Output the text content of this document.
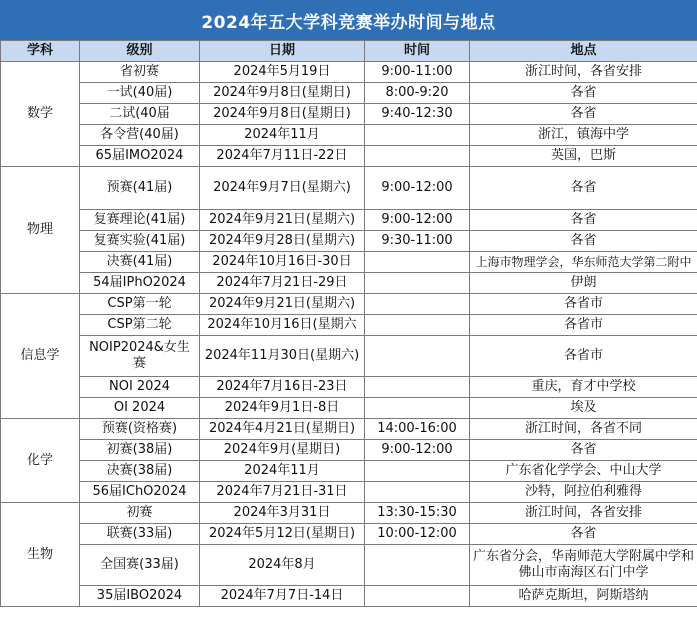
2024年五大学科竞赛举办时间与地点
学科	级别	日期	时间	地点
数学	省初赛	2024年5月19日	9:00-11:00	浙江时间，各省安排
	一试(40届)	2024年9月8日(星期日)	8:00-9:20	各省
	二试(40届	2024年9月8日(星期日)	9:40-12:30	各省
	各令营(40届)	2024年11月		浙江，镇海中学
	65届IMO2024	2024年7月11日-22日		英国，巴斯
物理	预赛(41届)	2024年9月7日(星期六)	9:00-12:00	各省
	复赛理论(41届)	2024年9月21日(星期六)	9:00-12:00	各省
	复赛实验(41届)	2024年9月28日(星期六)	9:30-11:00	各省
	决赛(41届)	2024年10月16日-30日		上海市物理学会，华东师范大学第二附中
	54届IPhO2024	2024年7月21日-29日		伊朗
信息学	CSP第一轮	2024年9月21日(星期六)		各省市
	CSP第二轮	2024年10月16日(星期六		各省市
	NOIP2024&女生赛	2024年11月30日(星期六)		各省市
	NOI 2024	2024年7月16日-23日		重庆，育才中学校
	OI 2024	2024年9月1日-8日		埃及
化学	预赛(资格赛)	2024年4月21日(星期日)	14:00-16:00	浙江时间，各省不同
	初赛(38届)	2024年9月(星期日)	9:00-12:00	各省
	决赛(38届)	2024年11月		广东省化学学会、中山大学
	56届IChO2024	2024年7月21日-31日		沙特，阿拉伯利雅得
生物	初赛	2024年3月31日	13:30-15:30	浙江时间，各省安排
	联赛(33届)	2024年5月12日(星期日)	10:00-12:00	各省
	全国赛(33届)	2024年8月		广东省分会，华南师范大学附属中学和佛山市南海区石门中学
	35届IBO2024	2024年7月7日-14日		哈萨克斯坦，阿斯塔纳
